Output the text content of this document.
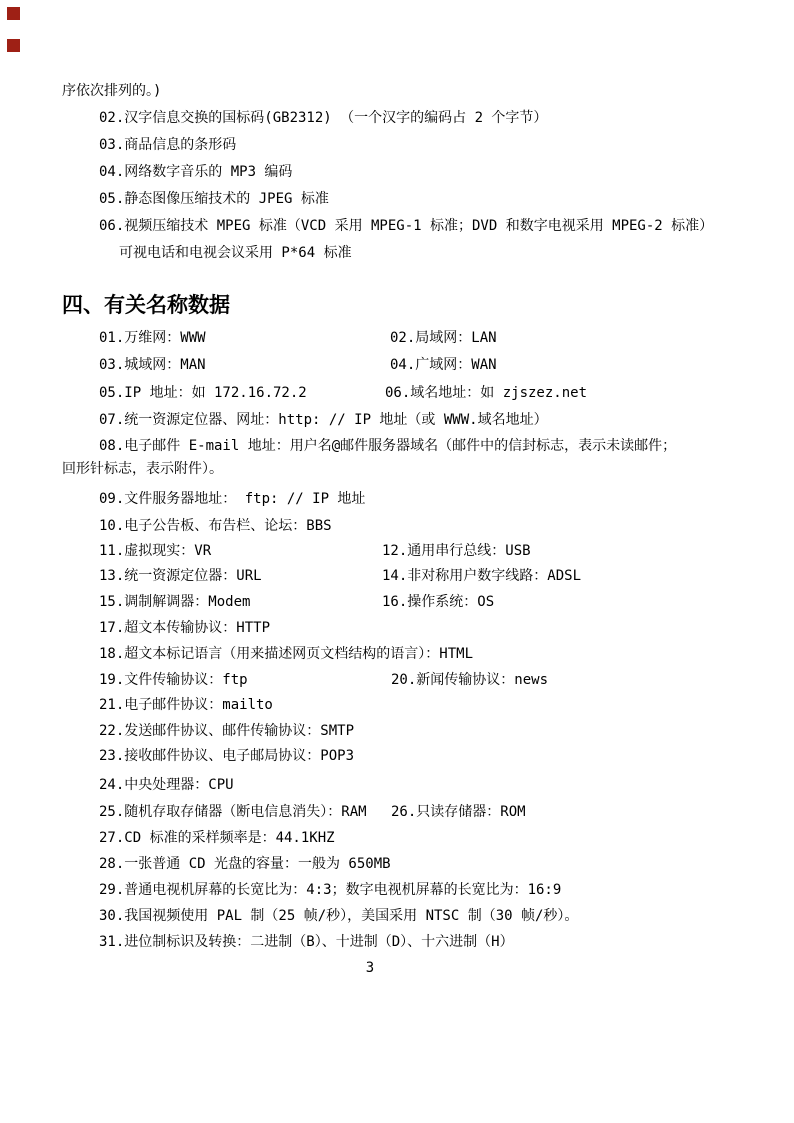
序依次排列的。)
02.汉字信息交换的国标码(GB2312) （一个汉字的编码占 2 个字节）
03.商品信息的条形码
04.网络数字音乐的 MP3 编码
05.静态图像压缩技术的 JPEG 标准
06.视频压缩技术 MPEG 标准（VCD 采用 MPEG-1 标准；DVD 和数字电视采用 MPEG-2 标准）
可视电话和电视会议采用 P*64 标准
四、有关名称数据
01.万维网：WWW	02.局域网：LAN
03.城域网：MAN	04.广域网：WAN
05.IP 地址：如 172.16.72.2	06.域名地址：如 zjszez.net
07.统一资源定位器、网址：http: // IP 地址（或 WWW.域名地址）
08.电子邮件 E-mail 地址：用户名@邮件服务器域名（邮件中的信封标志，表示未读邮件；
回形针标志，表示附件）。
09.文件服务器地址： ftp: // IP 地址
10.电子公告板、布告栏、论坛：BBS
11.虚拟现实：VR	12.通用串行总线：USB
13.统一资源定位器：URL	14.非对称用户数字线路：ADSL
15.调制解调器：Modem	16.操作系统：OS
17.超文本传输协议：HTTP
18.超文本标记语言（用来描述网页文档结构的语言）：HTML
19.文件传输协议：ftp	20.新闻传输协议：news
21.电子邮件协议：mailto
22.发送邮件协议、邮件传输协议：SMTP
23.接收邮件协议、电子邮局协议：POP3
24.中央处理器：CPU
25.随机存取存储器（断电信息消失）：RAM 26.只读存储器：ROM
27.CD 标准的采样频率是：44.1KHZ
28.一张普通 CD 光盘的容量：一般为 650MB
29.普通电视机屏幕的长宽比为：4:3；数字电视机屏幕的长宽比为：16:9
30.我国视频使用 PAL 制（25 帧/秒），美国采用 NTSC 制（30 帧/秒）。
31.进位制标识及转换：二进制（B）、十进制（D）、十六进制（H）
3
